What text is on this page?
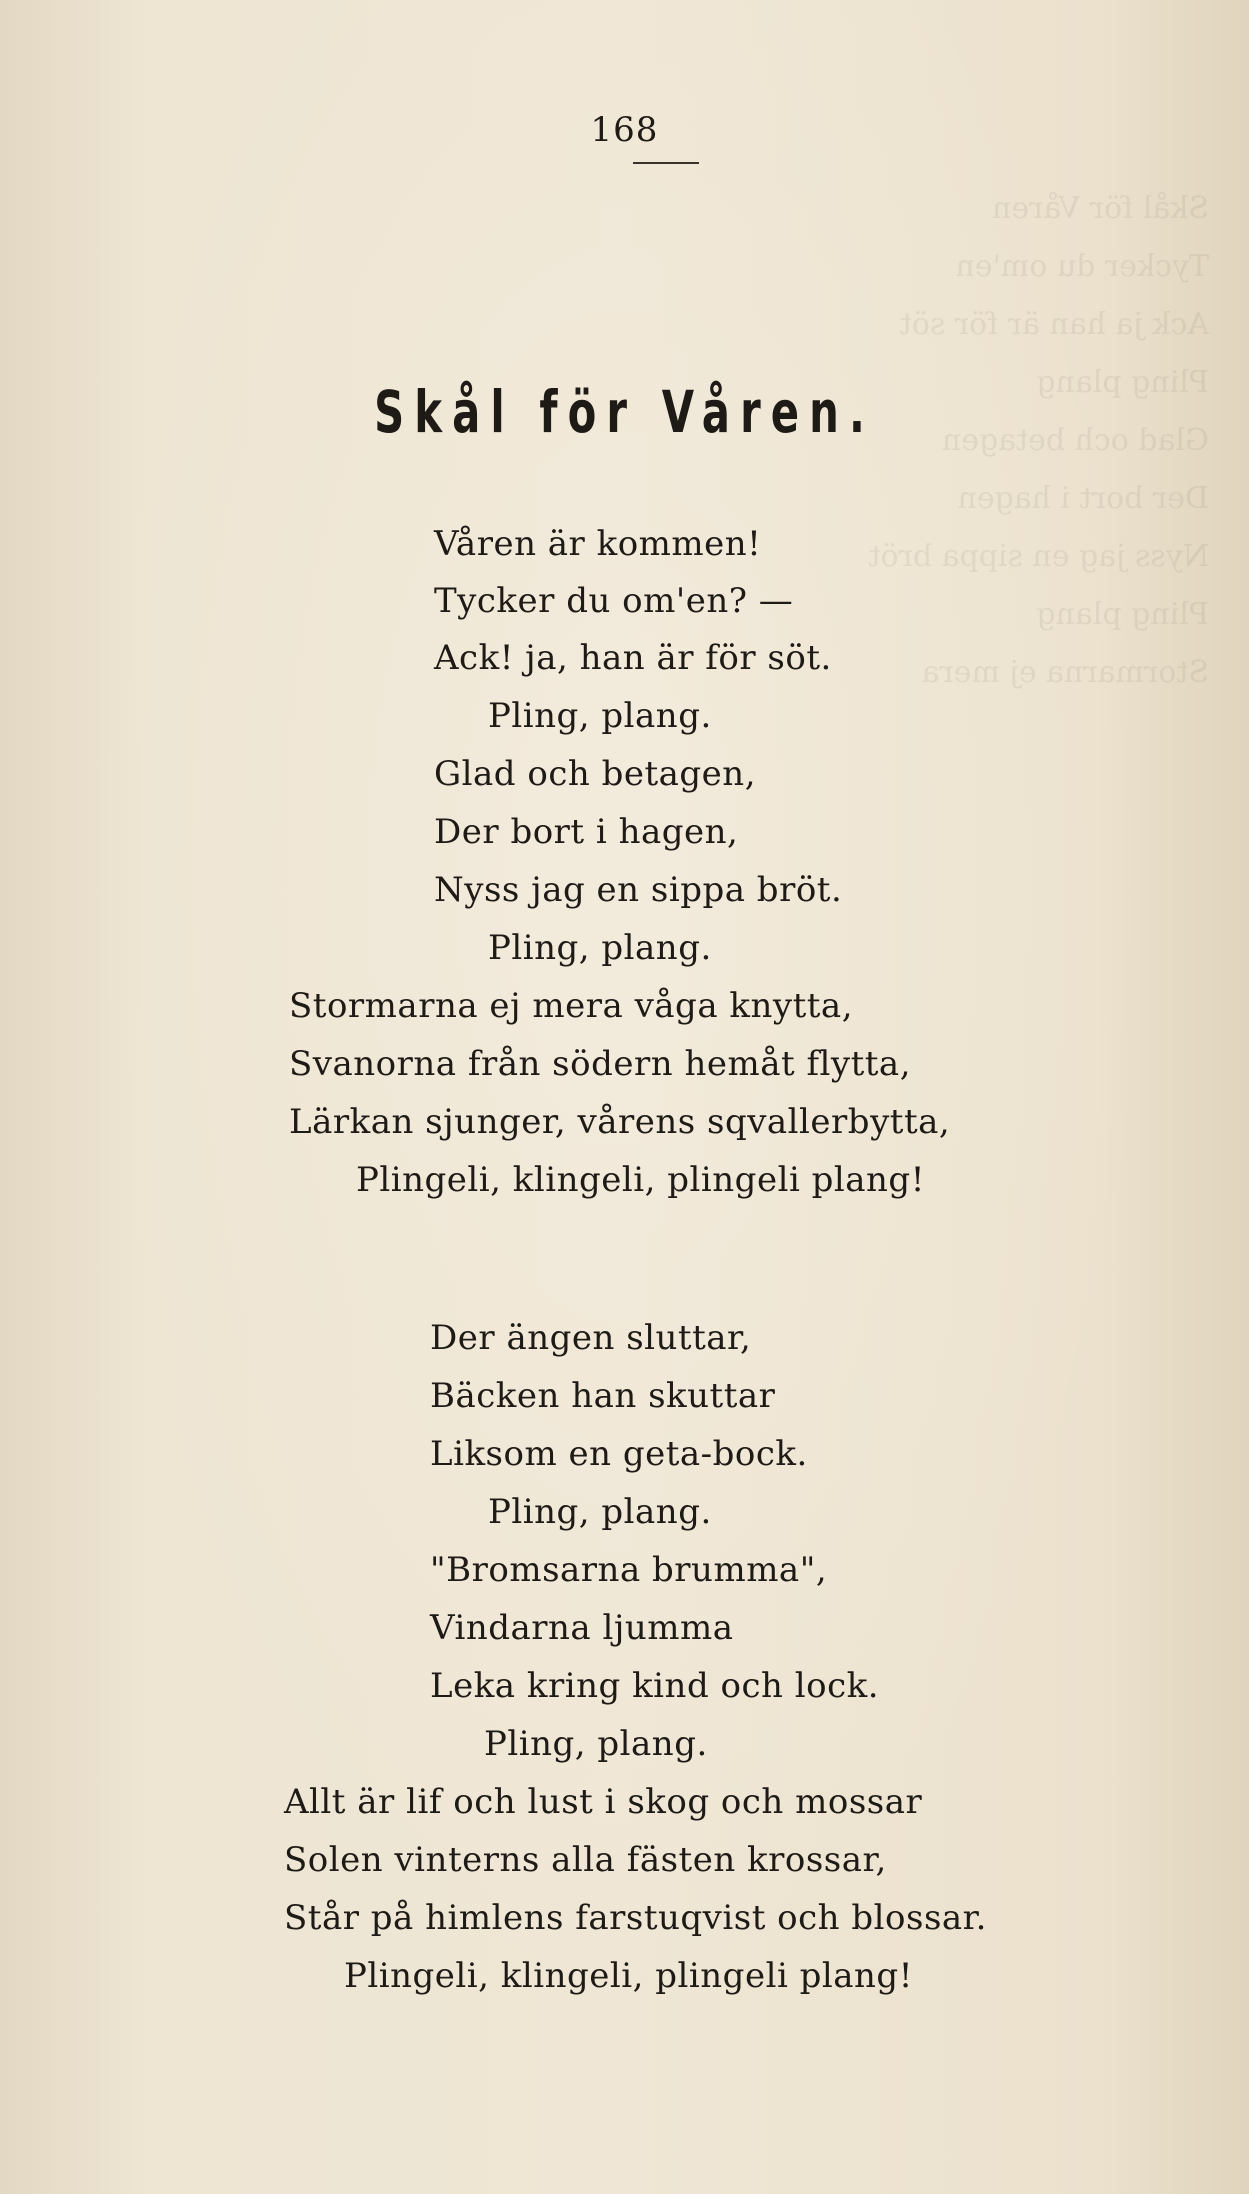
Skål för Våren
Tycker du om'en
Ack ja han är för söt
Pling plang
Glad och betagen
Der bort i hagen
Nyss jag en sippa bröt
Pling plang
Stormarna ej mera
168
Skål för Våren.
Våren är kommen!
Tycker du om'en? —
Ack! ja, han är för söt.
Pling, plang.
Glad och betagen,
Der bort i hagen,
Nyss jag en sippa bröt.
Pling, plang.
Stormarna ej mera våga knytta,
Svanorna från södern hemåt flytta,
Lärkan sjunger, vårens sqvallerbytta,
Plingeli, klingeli, plingeli plang!
Der ängen sluttar,
Bäcken han skuttar
Liksom en geta-bock.
Pling, plang.
"Bromsarna brumma",
Vindarna ljumma
Leka kring kind och lock.
Pling, plang.
Allt är lif och lust i skog och mossar
Solen vinterns alla fästen krossar,
Står på himlens farstuqvist och blossar.
Plingeli, klingeli, plingeli plang!
